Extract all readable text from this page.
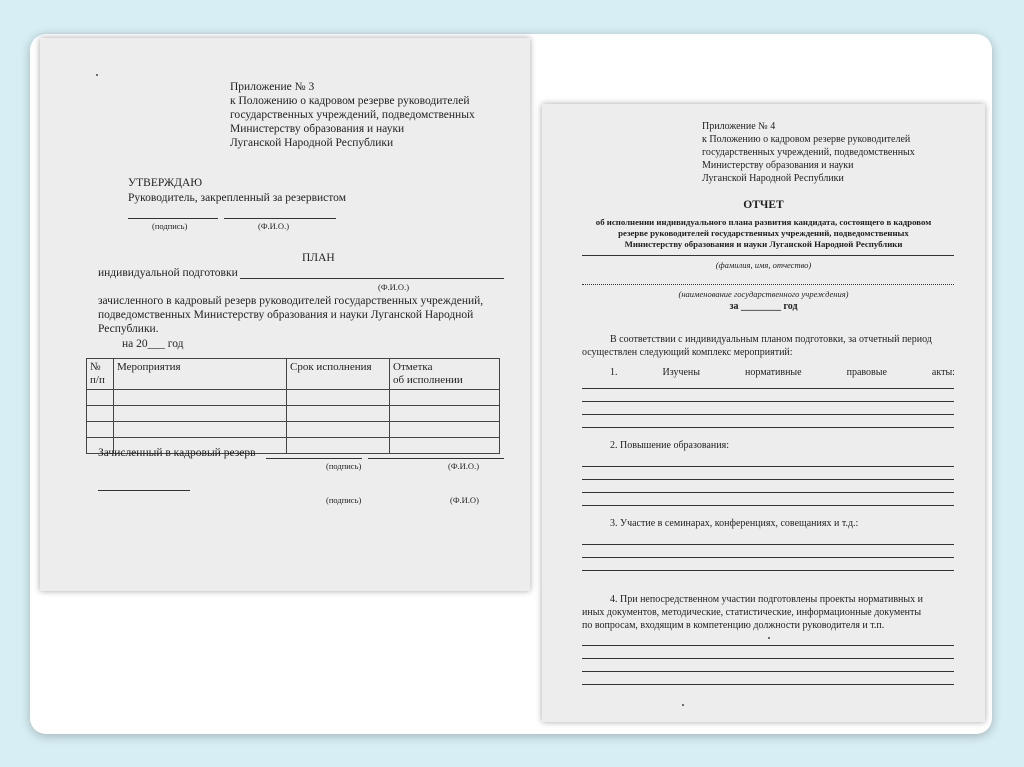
Приложение № 3
к Положению о кадровом резерве руководителей
государственных учреждений, подведомственных
Министерству образования и науки
Луганской Народной Республики
УТВЕРЖДАЮ
Руководитель, закрепленный за резервистом
(подпись)	(Ф.И.О.)
ПЛАН
индивидуальной подготовки
(Ф.И.О.)
зачисленного в кадровый резерв руководителей государственных учреждений,
подведомственных Министерству образования и науки Луганской Народной
Республики.
на 20___ год
№
п/п	Мероприятия	Срок исполнения	Отметка
об исполнении

Зачисленный в кадровый резерв
(подпись)	(Ф.И.О.)
(подпись)	(Ф.И.О)
Приложение № 4
к Положению о кадровом резерве руководителей
государственных учреждений, подведомственных
Министерству образования и науки
Луганской Народной Республики
ОТЧЕТ
об исполнении индивидуального плана развития кандидата, состоящего в кадровом
резерве руководителей государственных учреждений, подведомственных
Министерству образования и науки Луганской Народной Республики
(фамилия, имя, отчество)
(наименование государственного учреждения)
за ________ год
В соответствии с индивидуальным планом подготовки, за отчетный период
осуществлен следующий комплекс мероприятий:
1.	Изучены	нормативные	правовые	акты:
2. Повышение образования:
3. Участие в семинарах, конференциях, совещаниях и т.д.:
4. При непосредственном участии подготовлены проекты нормативных и
иных документов, методические, статистические, информационные документы
по вопросам, входящим в компетенцию должности руководителя и т.п.
